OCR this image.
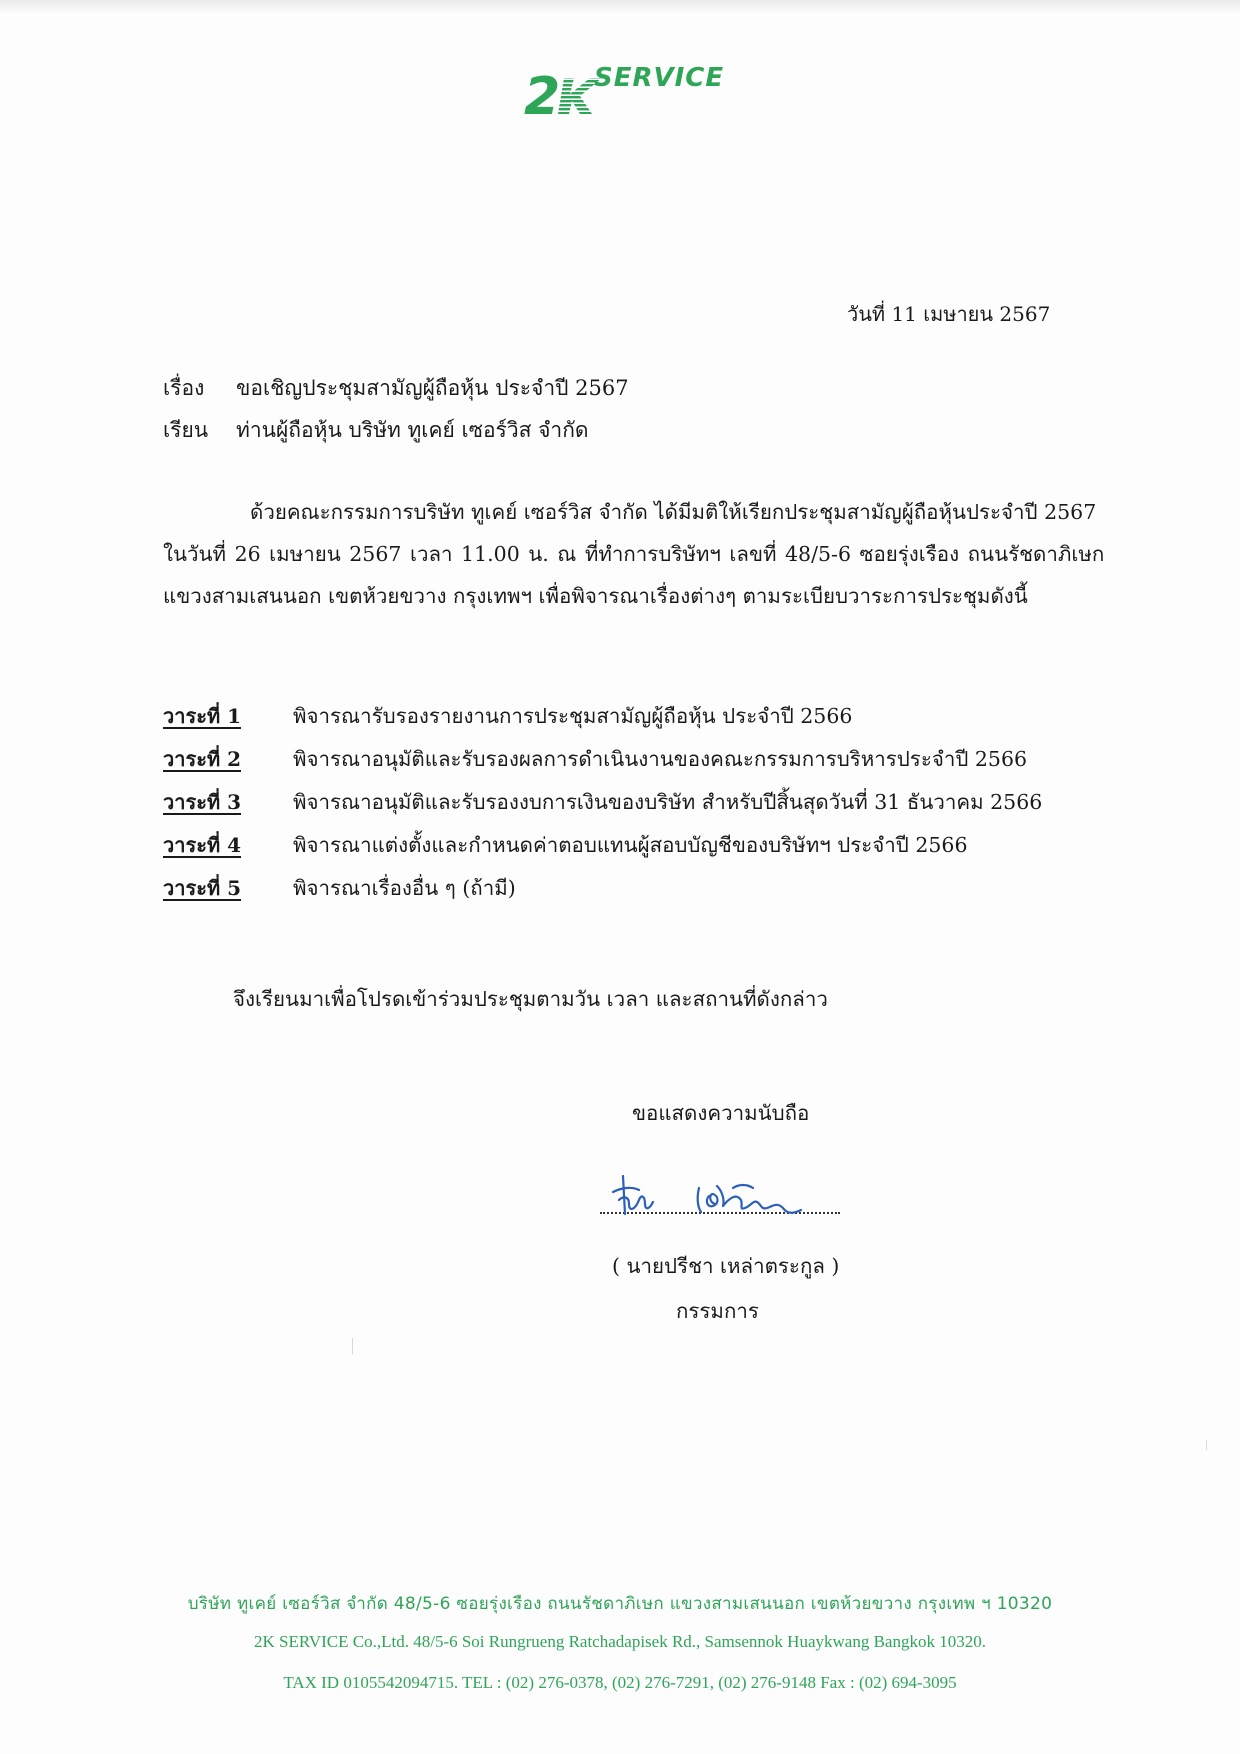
2 SERVICE
วันที่ 11 เมษายน 2567
เรื่อง ขอเชิญประชุมสามัญผู้ถือหุ้น ประจำปี 2567
เรียน ท่านผู้ถือหุ้น บริษัท ทูเคย์ เซอร์วิส จำกัด
ด้วยคณะกรรมการบริษัท ทูเคย์ เซอร์วิส จำกัด ได้มีมติให้เรียกประชุมสามัญผู้ถือหุ้นประจำปี 2567
ในวันที่ 26 เมษายน 2567 เวลา 11.00 น. ณ ที่ทำการบริษัทฯ เลขที่ 48/5-6 ซอยรุ่งเรือง ถนนรัชดาภิเษก
แขวงสามเสนนอก เขตห้วยขวาง กรุงเทพฯ เพื่อพิจารณาเรื่องต่างๆ ตามระเบียบวาระการประชุมดังนี้
วาระที่ 1	พิจารณารับรองรายงานการประชุมสามัญผู้ถือหุ้น ประจำปี 2566
วาระที่ 2	พิจารณาอนุมัติและรับรองผลการดำเนินงานของคณะกรรมการบริหารประจำปี 2566
วาระที่ 3	พิจารณาอนุมัติและรับรองงบการเงินของบริษัท สำหรับปีสิ้นสุดวันที่ 31 ธันวาคม 2566
วาระที่ 4	พิจารณาแต่งตั้งและกำหนดค่าตอบแทนผู้สอบบัญชีของบริษัทฯ ประจำปี 2566
วาระที่ 5	พิจารณาเรื่องอื่น ๆ (ถ้ามี)
จึงเรียนมาเพื่อโปรดเข้าร่วมประชุมตามวัน เวลา และสถานที่ดังกล่าว
ขอแสดงความนับถือ
( นายปรีชา เหล่าตระกูล )
กรรมการ
บริษัท ทูเคย์ เซอร์วิส จำกัด 48/5-6 ซอยรุ่งเรือง ถนนรัชดาภิเษก แขวงสามเสนนอก เขตห้วยขวาง กรุงเทพ ฯ 10320
2K SERVICE Co.,Ltd. 48/5-6 Soi Rungrueng Ratchadapisek Rd., Samsennok Huaykwang Bangkok 10320.
TAX ID 0105542094715. TEL : (02) 276-0378, (02) 276-7291, (02) 276-9148 Fax : (02) 694-3095
